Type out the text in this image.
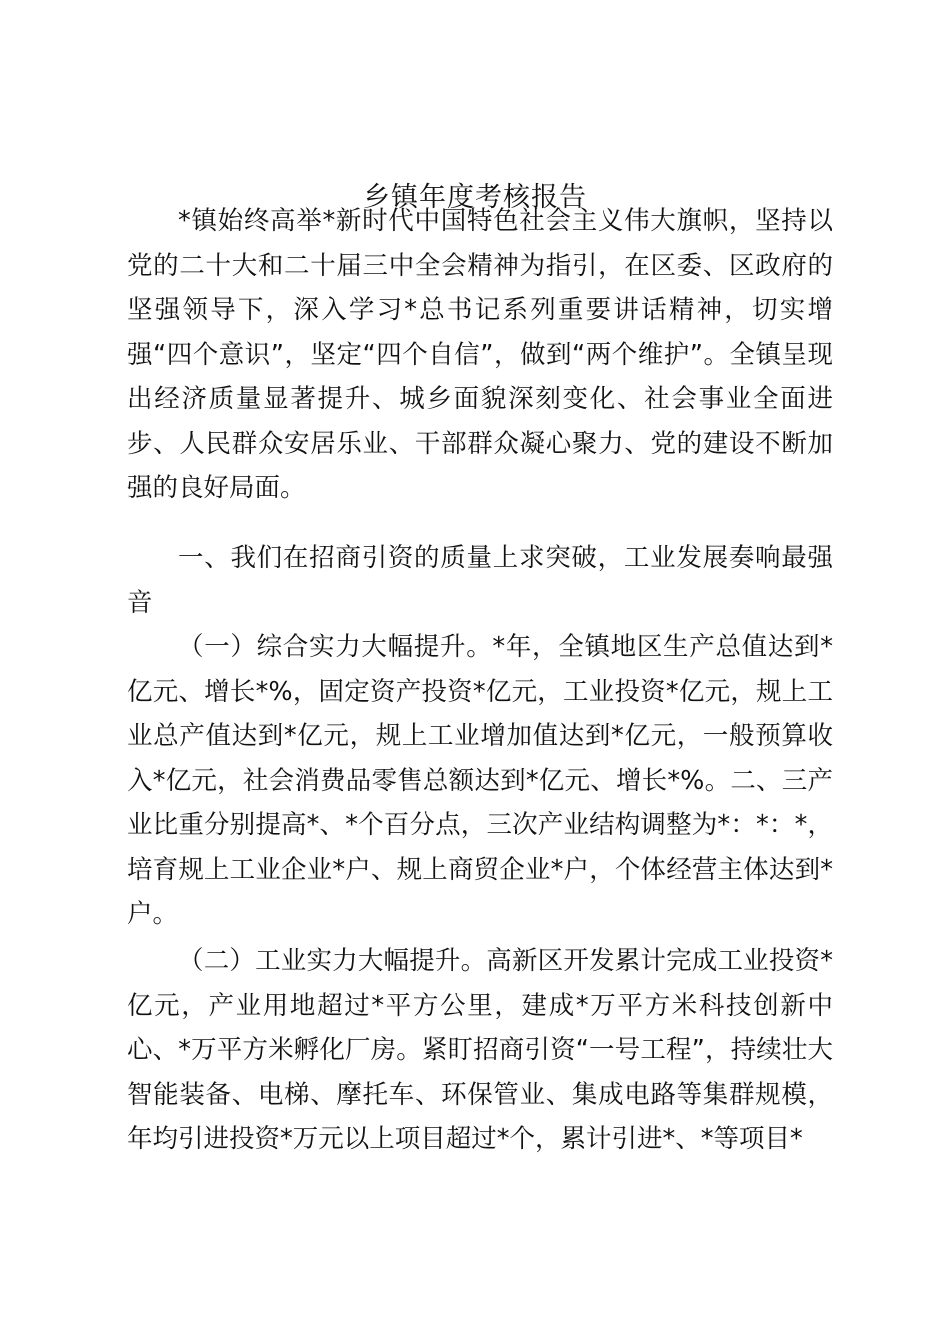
乡镇年度考核报告

*镇始终高举*新时代中国特色社会主义伟大旗帜，坚持以党的二十大和二十届三中全会精神为指引，在区委、区政府的坚强领导下，深入学习*总书记系列重要讲话精神，切实增强“四个意识”，坚定“四个自信”，做到“两个维护”。全镇呈现出经济质量显著提升、城乡面貌深刻变化、社会事业全面进步、人民群众安居乐业、干部群众凝心聚力、党的建设不断加强的良好局面。

一、我们在招商引资的质量上求突破，工业发展奏响最强音

（一）综合实力大幅提升。*年，全镇地区生产总值达到*亿元、增长*%，固定资产投资*亿元，工业投资*亿元，规上工业总产值达到*亿元，规上工业增加值达到*亿元，一般预算收入*亿元，社会消费品零售总额达到*亿元、增长*%。二、三产业比重分别提高*、*个百分点，三次产业结构调整为*：*：*，培育规上工业企业*户、规上商贸企业*户，个体经营主体达到*户。

（二）工业实力大幅提升。高新区开发累计完成工业投资*亿元，产业用地超过*平方公里，建成*万平方米科技创新中心、*万平方米孵化厂房。紧盯招商引资“一号工程”，持续壮大智能装备、电梯、摩托车、环保管业、集成电路等集群规模，年均引进投资*万元以上项目超过*个，累计引进*、*等项目*
